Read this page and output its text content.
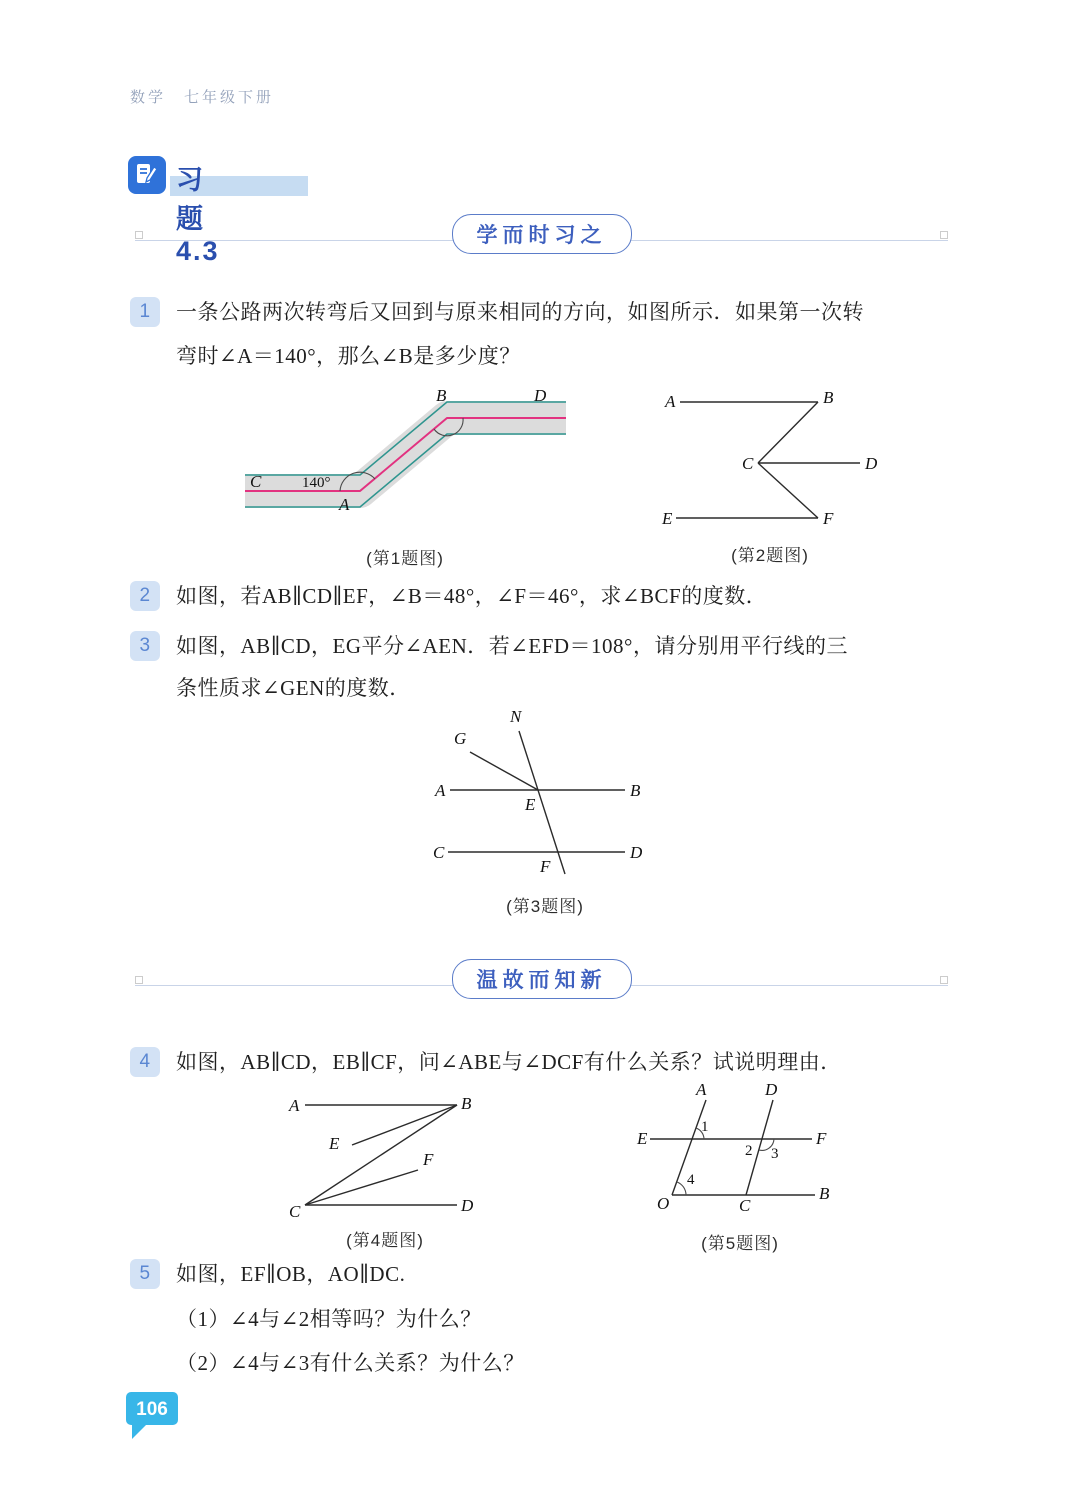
数学　七年级下册
习题4.3
学而时习之
1	一条公路两次转弯后又回到与原来相同的方向，如图所示．如果第一次转
弯时∠A＝140°，那么∠B是多少度？
C	140°
A
B	D
(第1题图)
A	B
C	D
E	F
(第2题图)
2	如图，若AB∥CD∥EF，∠B＝48°，∠F＝46°，求∠BCF的度数．
3	如图，AB∥CD，EG平分∠AEN．若∠EFD＝108°，请分别用平行线的三
条性质求∠GEN的度数．
N
G
A	B
E
C	D
F
(第3题图)
温故而知新
4	如图，AB∥CD，EB∥CF，问∠ABE与∠DCF有什么关系？试说明理由．
A	B
E
F
C	D
(第4题图)
A	D
E	F
1
2 3
4
O	C
B
(第5题图)
5	如图，EF∥OB，AO∥DC.
（1）∠4与∠2相等吗？为什么？
（2）∠4与∠3有什么关系？为什么？
106
